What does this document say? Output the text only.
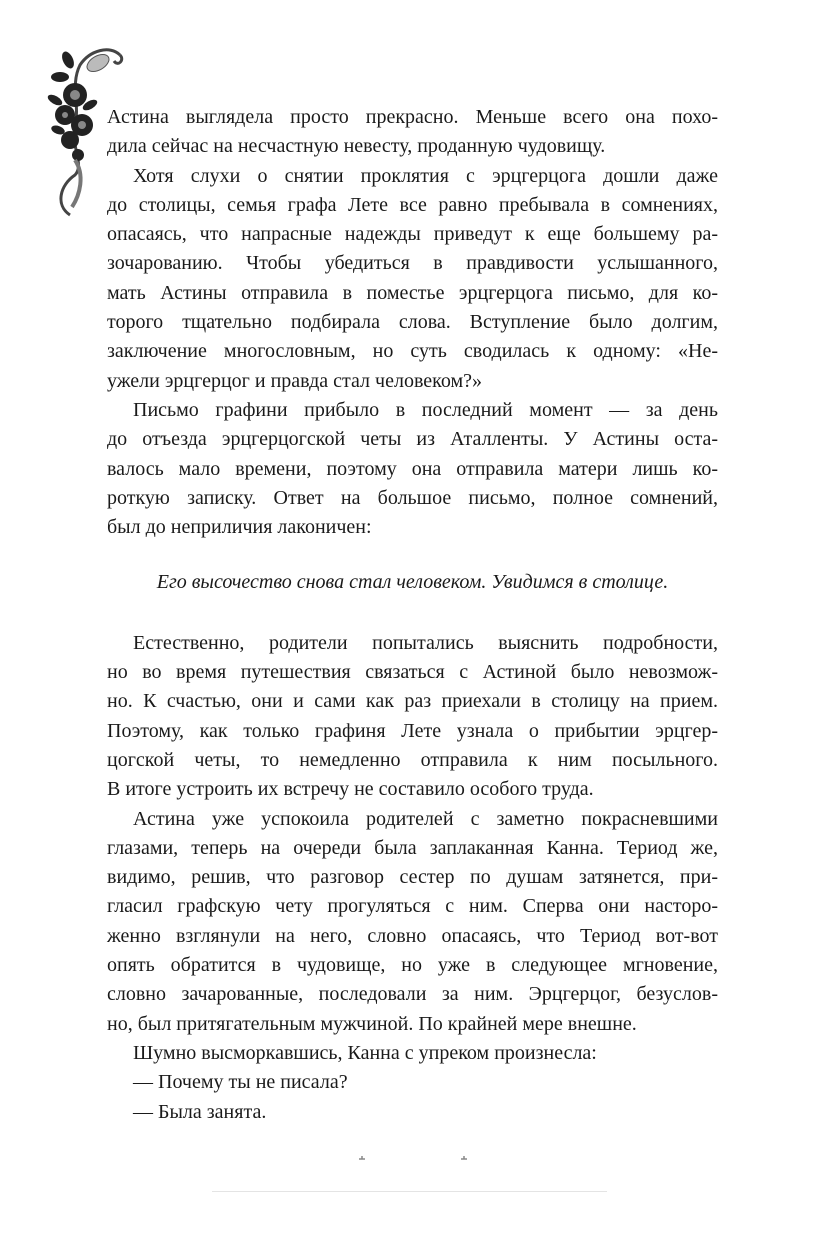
Астина выглядела просто прекрасно. Меньше всего она похо-
дила сейчас на несчастную невесту, проданную чудовищу.
Хотя слухи о снятии проклятия с эрцгерцога дошли даже
до столицы, семья графа Лете все равно пребывала в сомнениях,
опасаясь, что напрасные надежды приведут к еще большему ра-
зочарованию. Чтобы убедиться в правдивости услышанного,
мать Астины отправила в поместье эрцгерцога письмо, для ко-
торого тщательно подбирала слова. Вступление было долгим,
заключение многословным, но суть сводилась к одному: «Не-
ужели эрцгерцог и правда стал человеком?»
Письмо графини прибыло в последний момент — за день
до отъезда эрцгерцогской четы из Аталленты. У Астины оста-
валось мало времени, поэтому она отправила матери лишь ко-
роткую записку. Ответ на большое письмо, полное сомнений,
был до неприличия лаконичен:
Его высочество снова стал человеком. Увидимся в столице.
Естественно, родители попытались выяснить подробности,
но во время путешествия связаться с Астиной было невозмож-
но. К счастью, они и сами как раз приехали в столицу на прием.
Поэтому, как только графиня Лете узнала о прибытии эрцгер-
цогской четы, то немедленно отправила к ним посыльного.
В итоге устроить их встречу не составило особого труда.
Астина уже успокоила родителей с заметно покрасневшими
глазами, теперь на очереди была заплаканная Канна. Териод же,
видимо, решив, что разговор сестер по душам затянется, при-
гласил графскую чету прогуляться с ним. Сперва они настоpo-
женно взглянули на него, словно опасаясь, что Териод вот-вот
опять обратится в чудовище, но уже в следующее мгновение,
словно зачарованные, последовали за ним. Эрцгерцог, безуслов-
но, был притягательным мужчиной. По крайней мере внешне.
Шумно высморкавшись, Канна с упреком произнесла:
— Почему ты не писала?
— Была занята.
